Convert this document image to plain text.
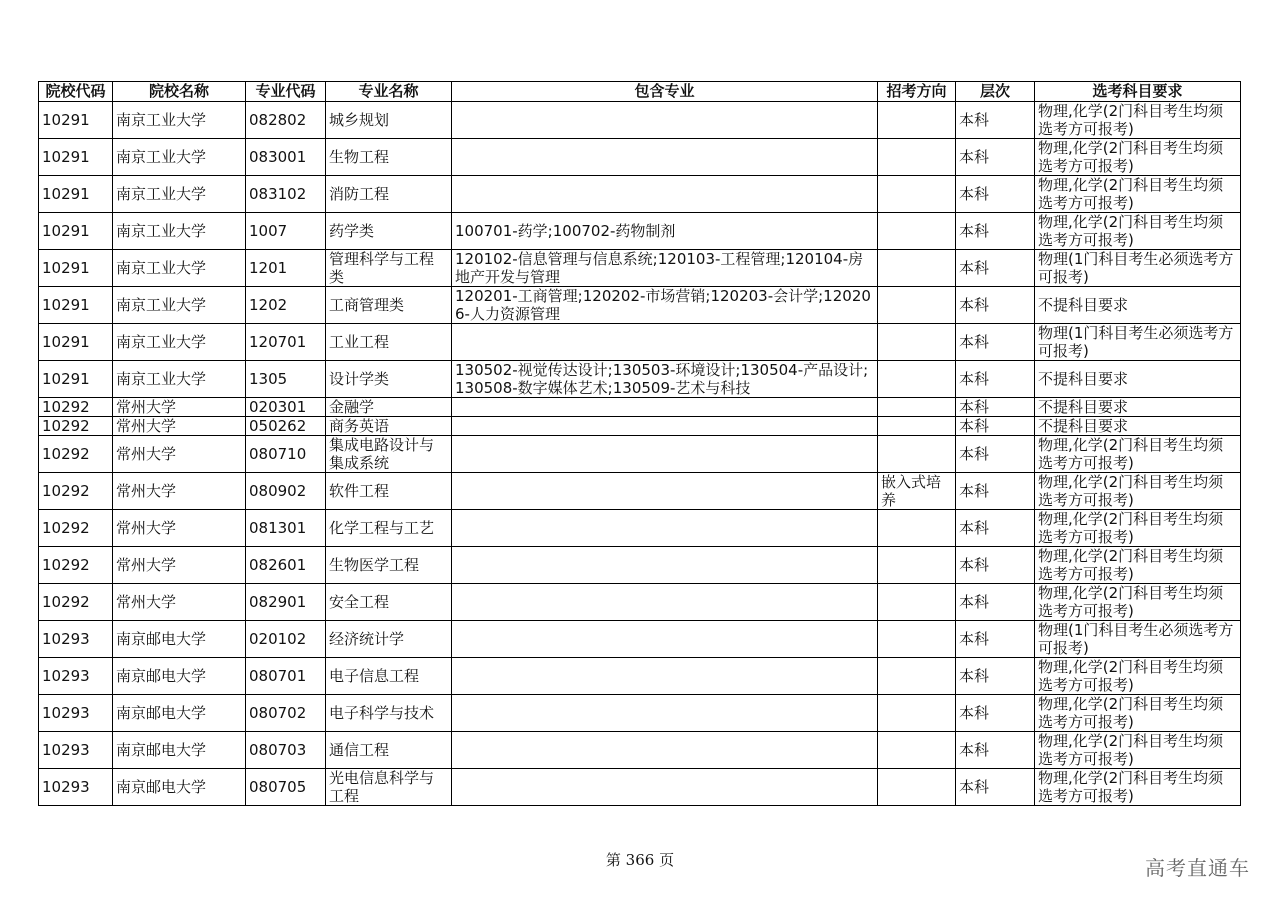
院校代码	院校名称	专业代码	专业名称	包含专业	招考方向	层次	选考科目要求
10291	南京工业大学	082802	城乡规划			本科	物理,化学(2门科目考生均须选考方可报考)
10291	南京工业大学	083001	生物工程			本科	物理,化学(2门科目考生均须选考方可报考)
10291	南京工业大学	083102	消防工程			本科	物理,化学(2门科目考生均须选考方可报考)
10291	南京工业大学	1007	药学类	100701-药学;100702-药物制剂		本科	物理,化学(2门科目考生均须选考方可报考)
10291	南京工业大学	1201	管理科学与工程类	120102-信息管理与信息系统;120103-工程管理;120104-房地产开发与管理		本科	物理(1门科目考生必须选考方可报考)
10291	南京工业大学	1202	工商管理类	120201-工商管理;120202-市场营销;120203-会计学;120206-人力资源管理		本科	不提科目要求
10291	南京工业大学	120701	工业工程			本科	物理(1门科目考生必须选考方可报考)
10291	南京工业大学	1305	设计学类	130502-视觉传达设计;130503-环境设计;130504-产品设计;130508-数字媒体艺术;130509-艺术与科技		本科	不提科目要求
10292	常州大学	020301	金融学			本科	不提科目要求
10292	常州大学	050262	商务英语			本科	不提科目要求
10292	常州大学	080710	集成电路设计与集成系统			本科	物理,化学(2门科目考生均须选考方可报考)
10292	常州大学	080902	软件工程		嵌入式培养	本科	物理,化学(2门科目考生均须选考方可报考)
10292	常州大学	081301	化学工程与工艺			本科	物理,化学(2门科目考生均须选考方可报考)
10292	常州大学	082601	生物医学工程			本科	物理,化学(2门科目考生均须选考方可报考)
10292	常州大学	082901	安全工程			本科	物理,化学(2门科目考生均须选考方可报考)
10293	南京邮电大学	020102	经济统计学			本科	物理(1门科目考生必须选考方可报考)
10293	南京邮电大学	080701	电子信息工程			本科	物理,化学(2门科目考生均须选考方可报考)
10293	南京邮电大学	080702	电子科学与技术			本科	物理,化学(2门科目考生均须选考方可报考)
10293	南京邮电大学	080703	通信工程			本科	物理,化学(2门科目考生均须选考方可报考)
10293	南京邮电大学	080705	光电信息科学与工程			本科	物理,化学(2门科目考生均须选考方可报考)
第 366 页	高考直通车
